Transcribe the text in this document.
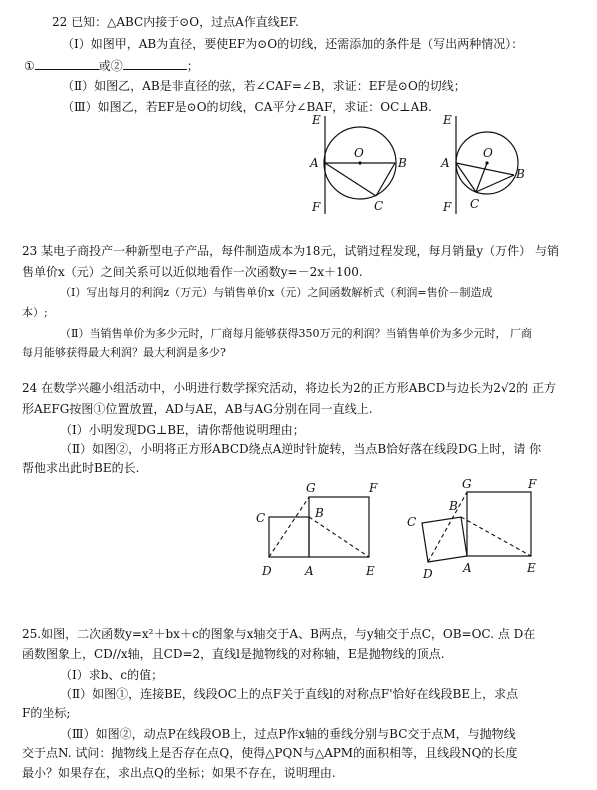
22 已知：△ABC内接于⊙O，过点A作直线EF.
（Ⅰ）如图甲，AB为直径，要使EF为⊙O的切线，还需添加的条件是（写出两种情况）：
①	或②	；
（Ⅱ）如图乙，AB是非直径的弦，若∠CAF=∠B，求证：EF是⊙O的切线；
（Ⅲ）如图乙，若EF是⊙O的切线，CA平分∠BAF，求证：OC⊥AB.
E
A
F
O
B
C
E
A
F
O
B
C
23 某电子商投产一种新型电子产品，每件制造成本为18元，试销过程发现，每月销量y（万件） 与销
售单价x（元）之间关系可以近似地看作一次函数y=－2x＋100.
（Ⅰ）写出每月的利润z（万元）与销售单价x（元）之间函数解析式（利润=售价－制造成
本）;
（Ⅱ）当销售单价为多少元时，厂商每月能够获得350万元的利润？当销售单价为多少元时， 厂商
每月能够获得最大利润？最大利润是多少?
24 在数学兴趣小组活动中，小明进行数学探究活动，将边长为2的正方形ABCD与边长为2√2的 正方
形AEFG按图①位置放置，AD与AE，AB与AG分别在同一直线上.
（Ⅰ）小明发现DG⊥BE，请你帮他说明理由；
（Ⅱ）如图②，小明将正方形ABCD绕点A逆时针旋转，当点B恰好落在线段DG上时，请 你
帮他求出此时BE的长.
G	F
C	B
D	A	E
G	F
C
B
D	A	E
25.如图，二次函数y=x²＋bx＋c的图象与x轴交于A、B两点，与y轴交于点C，OB=OC. 点 D在
函数图象上，CD//x轴，且CD=2，直线l是抛物线的对称轴，E是抛物线的顶点.
（Ⅰ）求b、c的值；
（Ⅱ）如图①，连接BE，线段OC上的点F关于直线l的对称点F'恰好在线段BE上，求点
F的坐标;
（Ⅲ）如图②，动点P在线段OB上，过点P作x轴的垂线分别与BC交于点M，与抛物线
交于点N. 试问：抛物线上是否存在点Q，使得△PQN与△APM的面积相等，且线段NQ的长度
最小？如果存在，求出点Q的坐标；如果不存在，说明理由.
